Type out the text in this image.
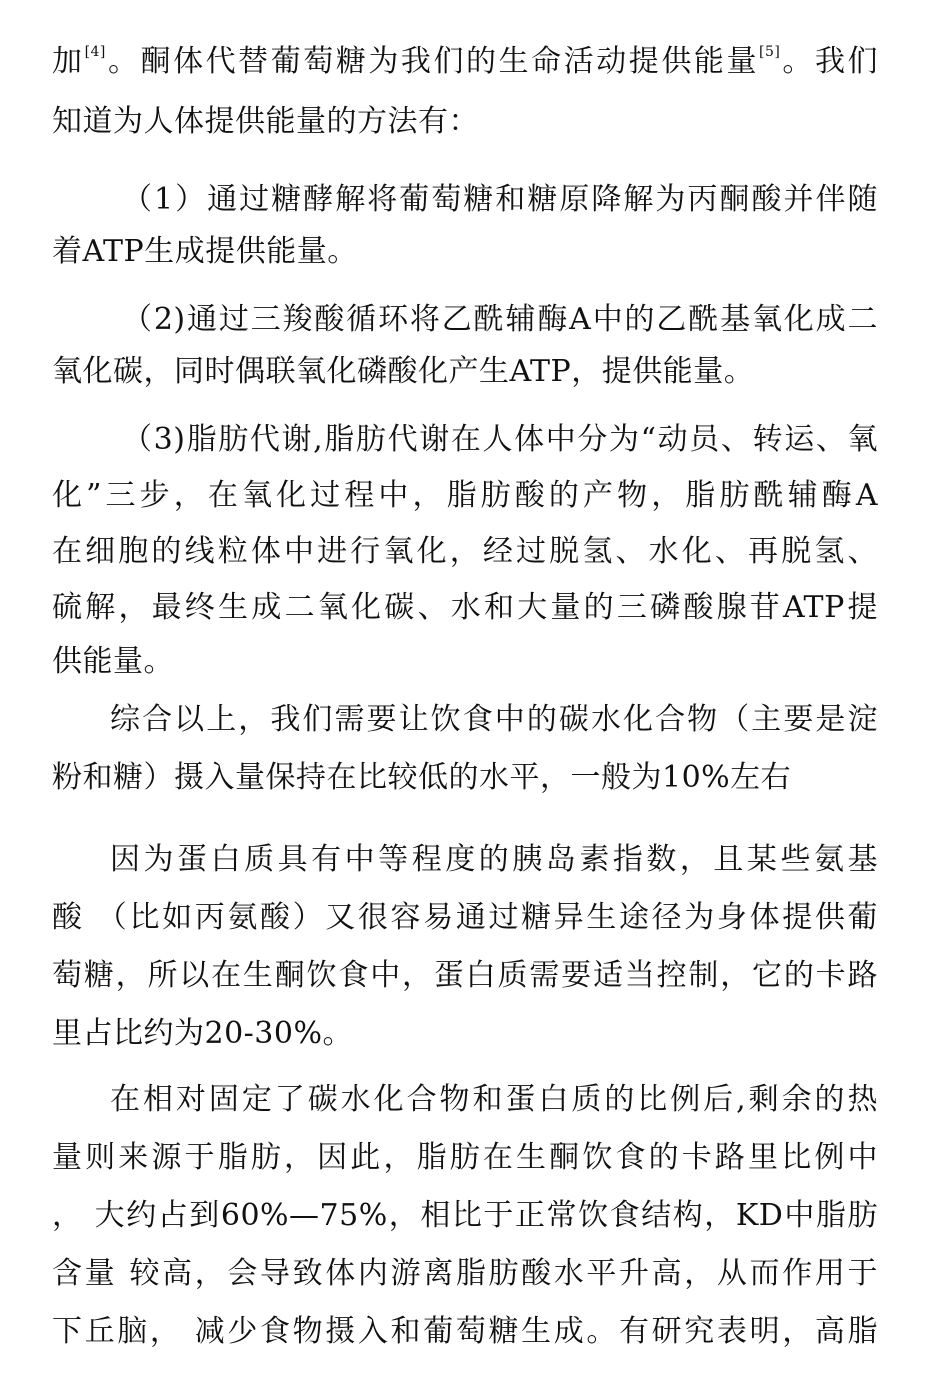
加[4]。酮体代替葡萄糖为我们的生命活动提供能量[5]。我们
知道为人体提供能量的方法有：
（1）通过糖酵解将葡萄糖和糖原降解为丙酮酸并伴随
着ATP生成提供能量。
（2)通过三羧酸循环将乙酰辅酶A中的乙酰基氧化成二
氧化碳，同时偶联氧化磷酸化产生ATP，提供能量。
（3)脂肪代谢,脂肪代谢在人体中分为“动员、转运、氧
化”三步，在氧化过程中，脂肪酸的产物，脂肪酰辅酶A
在细胞的线粒体中进行氧化，经过脱氢、水化、再脱氢、
硫解，最终生成二氧化碳、水和大量的三磷酸腺苷ATP提
供能量。
综合以上，我们需要让饮食中的碳水化合物（主要是淀
粉和糖）摄入量保持在比较低的水平，一般为10%左右
因为蛋白质具有中等程度的胰岛素指数，且某些氨基
酸 （比如丙氨酸）又很容易通过糖异生途径为身体提供葡
萄糖，所以在生酮饮食中，蛋白质需要适当控制，它的卡路
里占比约为20-30%。
在相对固定了碳水化合物和蛋白质的比例后,剩余的热
量则来源于脂肪，因此，脂肪在生酮饮食的卡路里比例中
， 大约占到60%—75%，相比于正常饮食结构，KD中脂肪
含量 较高，会导致体内游离脂肪酸水平升高，从而作用于
下丘脑， 减少食物摄入和葡萄糖生成。有研究表明，高脂
